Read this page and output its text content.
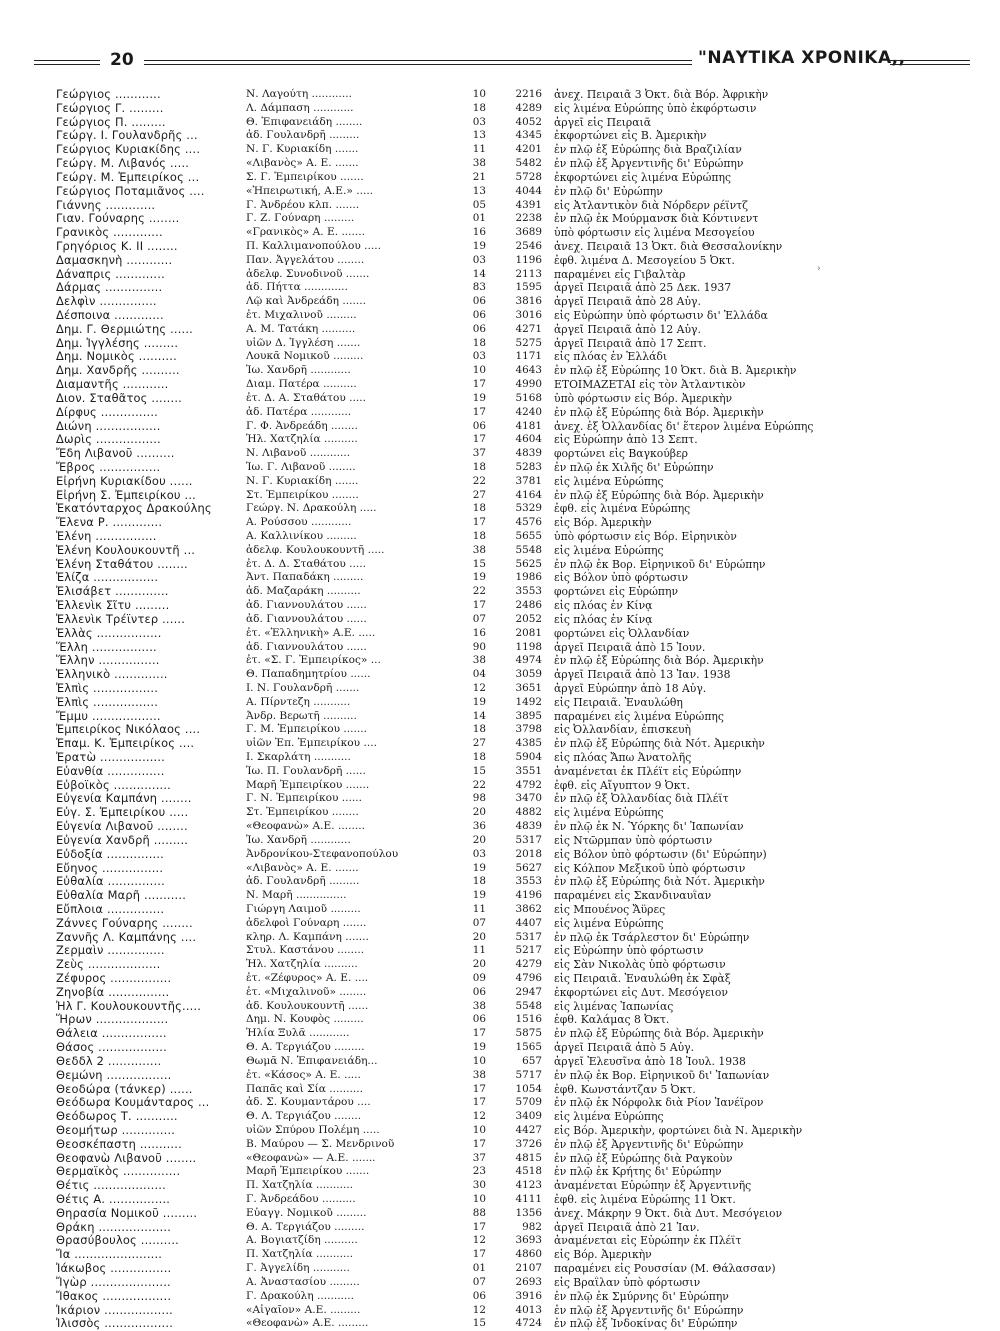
20	"ΝΑΥΤΙΚΑ ΧΡΟΝΙΚΑ,,
›
Γεώργιος ............	Ν. Λαγούτη ............	10	2216 ἀνεχ. Πειραιᾶ 3 Ὀκτ. διὰ Βόρ. Ἀφρικὴν
Γεώργιος Γ. .........	Λ. Δάμπαση ............	18	4289 εἰς λιμένα Εὐρώπης ὑπὸ ἐκφόρτωσιν
Γεώργιος Π. .........	Θ. Ἐπιφανειάδη ........	03	4052 ἀργεῖ εἰς Πειραιᾶ
Γεώργ. Ι. Γουλανδρῆς ...	ἀδ. Γουλανδρῆ .........	13	4345 ἐκφορτώνει εἰς Β. Ἀμερικὴν
Γεώργιος Κυριακίδης ....	Ν. Γ. Κυριακίδη .......	11	4201 ἐν πλῷ ἐξ Εὐρώπης διὰ Βραζιλίαν
Γεώργ. Μ. Λιβανός .....	«Λιβανὸς» Α. Ε. .......	38	5482 ἐν πλῷ ἐξ Ἀργεντινῆς δι' Εὐρώπην
Γεώργ. Μ. Ἐμπειρίκος ...	Σ. Γ. Ἐμπειρίκου .......	21	5728 ἐκφορτώνει εἰς λιμένα Εὐρώπης
Γεώργιος Ποταμιᾶνος ....	«Ἠπειρωτική, Α.Ε.» .....	13	4044 ἐν πλῷ δι' Εὐρώπην
Γιάννης .............	Γ. Ἀνδρέου κλπ. .......	05	4391 εἰς Ἀτλαντικὸν διὰ Νόρδερν ρέϊντζ
Γιαν. Γούναρης ........	Γ. Ζ. Γούναρη .........	01	2238 ἐν πλῷ ἐκ Μούρμανσκ διὰ Κόντινεντ
Γρανικὸς .............	«Γρανικὸς» Α. Ε. .......	16	3689 ὑπὸ φόρτωσιν εἰς λιμένα Μεσογείου
Γρηγόριος Κ. ΙΙ ........	Π. Καλλιμανοπούλου .....	19	2546 ἀνεχ. Πειραιᾶ 13 Ὀκτ. διὰ Θεσσαλονίκην
Δαμασκηνὴ ............	Παν. Ἀγγελάτου ........	03	1196 ἐφθ. λιμένα Δ. Μεσογείου 5 Ὀκτ.
Δάναπρις .............	ἀδελφ. Συνοδινοῦ .......	14	2113 παραμένει εἰς Γιβαλτὰρ
Δάρμας ...............	ἀδ. Πήττα .............	83	1595 ἀργεῖ Πειραιᾶ ἀπὸ 25 Δεκ. 1937
Δελφὶν ...............	Λῷ καὶ Ἀνδρεάδη .......	06	3816 ἀργεῖ Πειραιᾶ ἀπὸ 28 Αὐγ.
Δέσποινα .............	ἐτ. Μιχαλινοῦ .........	06	3016 εἰς Εὐρώπην ὑπὸ φόρτωσιν δι' Ἑλλάδα
Δημ. Γ. Θερμιώτης ......	Α. Μ. Τατάκη ..........	06	4271 ἀργεῖ Πειραιᾶ ἀπὸ 12 Αὐγ.
Δημ. Ἰγγλέσης .........	υἱῶν Δ. Ἰγγλέση .......	18	5275 ἀργεῖ Πειραιᾶ ἀπὸ 17 Σεπτ.
Δημ. Νομικὸς ..........	Λουκᾶ Νομικοῦ .........	03	1171 εἰς πλόας ἐν Ἑλλάδι
Δημ. Χανδρῆς ..........	Ἰω. Χανδρῆ ............	10	4643 ἐν πλῷ ἐξ Εὐρώπης 10 Ὀκτ. διὰ Β. Ἀμερικὴν
Διαμαντῆς ............	Διαμ. Πατέρα ..........	17	4990 ΕΤΟΙΜΑΖΕΤΑΙ εἰς τὸν Ἀτλαντικὸν
Διον. Σταθᾶτος ........	ἐτ. Δ. Α. Σταθάτου .....	19	5168 ὑπὸ φόρτωσιν εἰς Βόρ. Ἀμερικὴν
Δίρφυς ...............	ἀδ. Πατέρα ............	17	4240 ἐν πλῷ ἐξ Εὐρώπης διὰ Βόρ. Ἀμερικὴν
Διώνη .................	Γ. Φ. Ἀνδρεάδη ........	06	4181 ἀνεχ. ἐξ Ὀλλανδίας δι' ἕτερον λιμένα Εὐρώπης
Δωρὶς .................	Ἠλ. Χατζηλία ..........	17	4604 εἰς Εὐρώπην ἀπὸ 13 Σεπτ.
Ἔδη Λιβανοῦ ..........	Ν. Λιβανοῦ ............	37	4839 φορτώνει εἰς Βαγκούβερ
Ἔβρος ................	Ἰω. Γ. Λιβανοῦ ........	18	5283 ἐν πλῷ ἐκ Χιλῆς δι' Εὐρώπην
Εἰρήνη Κυριακίδου ......	Ν. Γ. Κυριακίδη .......	22	3781 εἰς λιμένα Εὐρώπης
Εἰρήνη Σ. Ἐμπειρίκου ...	Στ. Ἐμπειρίκου ........	27	4164 ἐν πλῷ ἐξ Εὐρώπης διὰ Βόρ. Ἀμερικὴν
Ἑκατόνταρχος Δρακούλης	Γεώργ. Ν. Δρακούλη .....	18	5329 ἐφθ. εἰς λιμένα Εὐρώπης
Ἔλενα Ρ. .............	Α. Ρούσσου ............	17	4576 εἰς Βόρ. Ἀμερικὴν
Ἑλένη ................	Α. Καλλινίκου .........	18	5655 ὑπὸ φόρτωσιν εἰς Βόρ. Εἰρηνικὸν
Ἑλένη Κουλουκουντῆ ...	ἀδελφ. Κουλουκουντῆ .....	38	5548 εἰς λιμένα Εὐρώπης
Ἑλένη Σταθάτου ........	ἐτ. Δ. Δ. Σταθάτου .....	15	5625 ἐν πλῷ ἐκ Βορ. Εἰρηνικοῦ δι' Εὐρώπην
Ἑλίζα .................	Ἀντ. Παπαδάκη .........	19	1986 εἰς Βόλον ὑπὸ φόρτωσιν
Ἐλισάβετ ..............	ἀδ. Μαζαράκη ..........	22	3553 φορτώνει εἰς Εὐρώπην
Ἑλλενὶκ Σῖτυ .........	ἀδ. Γιαννουλάτου ......	17	2486 εἰς πλόας ἐν Κίνᾳ
Ἑλλενὶκ Τρέϊντερ ......	ἀδ. Γιαννουλάτου ......	07	2052 εἰς πλόας ἐν Κίνᾳ
Ἑλλὰς .................	ἐτ. «Ἑλληνικὴ» Α.Ε. .....	16	2081 φορτώνει εἰς Ὀλλανδίαν
Ἕλλη .................	ἀδ. Γιαννουλάτου ......	90	1198 ἀργεῖ Πειραιᾶ ἀπὸ 15 Ἰουν.
Ἕλλην ................	ἐτ. «Σ. Γ. Ἐμπειρίκος» ...	38	4974 ἐν πλῷ ἐξ Εὐρώπης διὰ Βόρ. Ἀμερικὴν
Ἑλληνικὸ ..............	Θ. Παπαδημητρίου ......	04	3059 ἀργεῖ Πειραιᾶ ἀπὸ 13 Ἰαν. 1938
Ἐλπὶς .................	Ι. Ν. Γουλανδρῆ .......	12	3651 ἀργεῖ Εὐρώπην ἀπὸ 18 Αὐγ.
Ἐλπὶς .................	Α. Πίρντεζη ...........	19	1492 εἰς Πειραιᾶ. Ἐναυλώθη
Ἔμμυ ..................	Ἀνδρ. Βερωτῆ ..........	14	3895 παραμένει εἰς λιμένα Εὐρώπης
Ἐμπειρίκος Νικόλαος ....	Γ. Μ. Ἐμπειρίκου .......	18	3798 εἰς Ὀλλανδίαν, ἐπισκευὴ
Ἐπαμ. Κ. Ἐμπειρίκος ....	υἱῶν Ἐπ. Ἐμπειρίκου ....	27	4385 ἐν πλῷ ἐξ Εὐρώπης διὰ Νότ. Ἀμερικὴν
Ἐρατὼ .................	Ι. Σκαρλάτη ...........	18	5904 εἰς πλόας Ἄπω Ἀνατολῆς
Εὐανθία ...............	Ἰω. Π. Γουλανδρῆ ......	15	3551 ἀναμένεται ἐκ Πλέϊτ εἰς Εὐρώπην
Εὐβοϊκὸς ...............	Μαρῆ Ἐμπειρίκου .......	22	4792 ἐφθ. εἰς Αἴγυπτον 9 Ὀκτ.
Εὐγενία Καμπάνη ........	Γ. Ν. Ἐμπειρίκου ......	98	3470 ἐν πλῷ ἐξ Ὀλλανδίας διὰ Πλέϊτ
Εὐγ. Σ. Ἐμπειρίκου .....	Στ. Ἐμπειρίκου ........	20	4882 εἰς λιμένα Εὐρώπης
Εὐγενία Λιβανοῦ ........	«Θεοφανὼ» Α.Ε. ........	36	4839 ἐν πλῷ ἐκ Ν. Ὑόρκης δι' Ἰαπωνίαν
Εὐγενία Χανδρῆ .........	Ἰω. Χανδρῆ ............	20	5317 εἰς Ντῶρμπαν ὑπὸ φόρτωσιν
Εὐδοξία ...............	Ἀνδρονίκου-Στεφανοπούλου	03	2018 εἰς Βόλον ὑπὸ φόρτωσιν (δι' Εὐρώπην)
Εὔηνος ................	«Λιβανὸς» Α. Ε. .......	19	5627 εἰς Κόλπον Μεξικοῦ ὑπὸ φόρτωσιν
Εὐθαλία ...............	ἀδ. Γουλανδρῆ .........	18	3553 ἐν πλῷ ἐξ Εὐρώπης διὰ Νότ. Ἀμερικὴν
Εὐθαλία Μαρῆ ...........	Ν. Μαρῆ ...............	19	4196 παραμένει εἰς Σκανδιναυΐαν
Εὔπλοια ...............	Γιώργη Λαιμοῦ .........	11	3862 εἰς Μπουένος Ἄϋρες
Ζάννες Γούναρης ........	ἀδελφοὶ Γούναρη .......	07	4407 εἰς λιμένα Εὐρώπης
Ζαννῆς Λ. Καμπάνης ....	κληρ. Λ. Καμπάνη .......	20	5317 ἐν πλῷ ἐκ Τσάρλεστον δι' Εὐρώπην
Ζερμαὶν ...............	Στυλ. Καστάνου ........	11	5217 εἰς Εὐρώπην ὑπὸ φόρτωσιν
Ζεὺς ...................	Ἠλ. Χατζηλία ..........	20	4279 εἰς Σὰν Νικολὰς ὑπὸ φόρτωσιν
Ζέφυρος ................	ἐτ. «Ζέφυρος» Α. Ε. ....	09	4796 εἰς Πειραιᾶ. Ἐναυλώθη ἐκ Σφὰξ
Ζηνοβία ................	ἐτ. «Μιχαλινοῦ» ........	06	2947 ἐκφορτώνει εἰς Δυτ. Μεσόγειον
Ἠλ Γ. Κουλουκουντῆς.....	ἀδ. Κουλουκουντῆ ......	38	5548 εἰς λιμένας Ἰαπωνίας
Ἥρων ...................	Δημ. Ν. Κουφὸς .........	06	1516 ἐφθ. Καλάμας 8 Ὀκτ.
Θάλεια .................	Ἠλία Ξυλᾶ ............	17	5875 ἐν πλῷ ἐξ Εὐρώπης διὰ Βόρ. Ἀμερικὴν
Θάσος ..................	Θ. Α. Τεργιάζου .........	19	1565 ἀργεῖ Πειραιᾶ ἀπὸ 5 Αὐγ.
Θεδδλ 2 ..............	Θωμᾶ Ν. Ἐπιφανειάδη...	10	657 ἀργεῖ Ἐλευσῖνα ἀπὸ 18 Ἰουλ. 1938
Θεμώνη .................	ἐτ. «Κάσος» Α. Ε. .....	38	5717 ἐν πλῷ ἐκ Βορ. Εἰρηνικοῦ δι' Ἰαπωνίαν
Θεοδώρα (τάνκερ) ......	Παπᾶς καὶ Σία ..........	17	1054 ἐφθ. Κωνστάντζαν 5 Ὀκτ.
Θεόδωρα Κουμάνταρος ...	ἀδ. Σ. Κουμαντάρου ....	17	5709 ἐν πλῷ ἐκ Νόρφολκ διὰ Ρίον Ἰανέϊρον
Θεόδωρος Τ. ...........	Θ. Λ. Τεργιάζου ........	12	3409 εἰς λιμένα Εὐρώπης
Θεομήτωρ ..............	υἱῶν Σπύρου Πολέμη .....	10	4427 εἰς Βόρ. Ἀμερικὴν, φορτώνει διὰ Ν. Ἀμερικὴν
Θεοσκέπαστη ...........	Β. Μαύρου — Σ. Μενδρινοῦ	17	3726 ἐν πλῷ ἐξ Ἀργεντινῆς δι' Εὐρώπην
Θεοφανὼ Λιβανοῦ ........	«Θεοφανὼ» — Α.Ε. .......	37	4815 ἐν πλῷ ἐξ Εὐρώπης διὰ Ραγκοὺν
Θερμαϊκὸς ...............	Μαρῆ Ἐμπειρίκου .......	23	4518 ἐν πλῷ ἐκ Κρήτης δι' Εὐρώπην
Θέτις ...................	Π. Χατζηλία ...........	30	4123 ἀναμένεται Εὐρώπην ἐξ Ἀργεντινῆς
Θέτις Α. ................	Γ. Ἀνδρεάδου ..........	10	4111 ἐφθ. εἰς λιμένα Εὐρώπης 11 Ὀκτ.
Θηρασία Νομικοῦ .........	Εὐαγγ. Νομικοῦ .........	88	1356 ἀνεχ. Μάκρην 9 Ὀκτ. διὰ Δυτ. Μεσόγειον
Θράκη ...................	Θ. Α. Τεργιάζου .........	17	982 ἀργεῖ Πειραιᾶ ἀπὸ 21 Ἰαν.
Θρασύβουλος ..........	Α. Βογιατζίδη ..........	12	3693 ἀναμένεται εἰς Εὐρώπην ἐκ Πλέϊτ
Ἴα .......................	Π. Χατζηλία ...........	17	4860 εἰς Βόρ. Ἀμερικὴν
Ἰάκωβος ................	Γ. Ἀγγελίδη ...........	01	2107 παραμένει εἰς Ρουσσίαν (Μ. Θάλασσαν)
Ἴγὼρ .....................	Α. Ἀναστασίου .........	07	2693 εἰς Βραΐλαν ὑπὸ φόρτωσιν
Ἴθακος ..................	Γ. Δρακούλη ...........	06	3916 ἐν πλῷ ἐκ Σμύρνης δι' Εὐρώπην
Ἰκάριον ..................	«Αἰγαῖον» Α.Ε. .........	12	4013 ἐν πλῷ ἐξ Ἀργεντινῆς δι' Εὐρώπην
Ἰλισσὸς ..................	«Θεοφανὼ» Α.Ε. .........	15	4724 ἐν πλῷ ἐξ Ἰνδοκίνας δι' Εὐρώπην
